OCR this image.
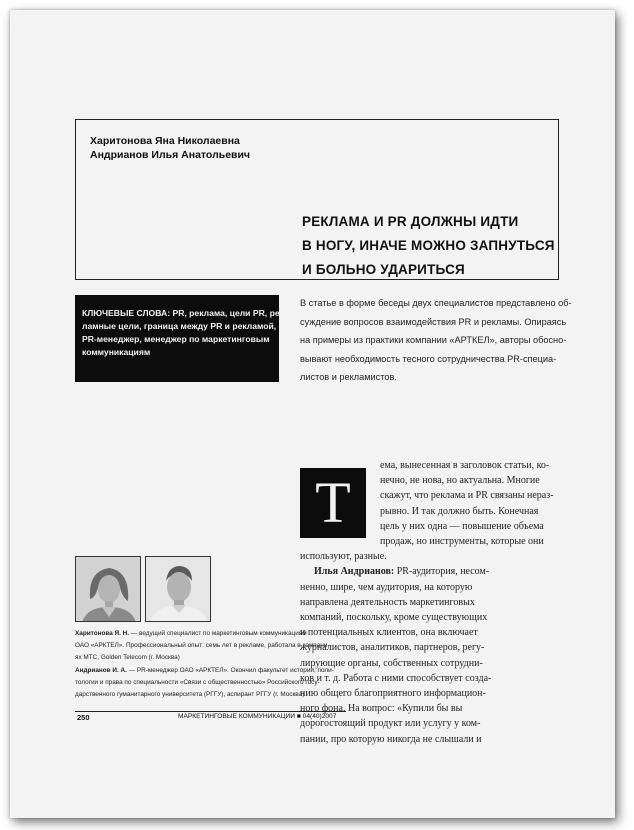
Харитонова Яна Николаевна
Андрианов Илья Анатольевич
РЕКЛАМА И PR ДОЛЖНЫ ИДТИ
В НОГУ, ИНАЧЕ МОЖНО ЗАПНУТЬСЯ
И БОЛЬНО УДАРИТЬСЯ
КЛЮЧЕВЫЕ СЛОВА: PR, реклама, цели PR, рек-
ламные цели, граница между PR и рекламой,
PR-менеджер, менеджер по маркетинговым
коммуникациям
В статье в форме беседы двух специалистов представлено об-
суждение вопросов взаимодействия PR и рекламы. Опираясь
на примеры из практики компании «АРТКЕЛ», авторы обосно-
вывают необходимость тесного сотрудничества PR-специа-
листов и рекламистов.
Т
ема, вынесенная в заголовок статьи, ко-
нечно, не нова, но актуальна. Многие
скажут, что реклама и PR связаны нераз-
рывно. И так должно быть. Конечная
цель у них одна — повышение объема
продаж, но инструменты, которые они
используют, разные.
Илья Андрианов: PR-аудитория, несом-
ненно, шире, чем аудитория, на которую
направлена деятельность маркетинговых
компаний, поскольку, кроме существующих
и потенциальных клиентов, она включает
журналистов, аналитиков, партнеров, регу-
лирующие органы, собственных сотрудни-
ков и т. д. Работа с ними способствует созда-
нию общего благоприятного информацион-
ного фона. На вопрос: «Купили бы вы
дорогостоящий продукт или услугу у ком-
пании, про которую никогда не слышали и
Харитонова Я. Н. — ведущий специалист по маркетинговым коммуникациям
ОАО «АРКТЕЛ». Профессиональный опыт: семь лет в рекламе, работала в компани-
ях МТС, Golden Telecom (г. Москва)
Андрианов И. А. — PR-менеджер ОАО «АРКТЕЛ». Окончил факультет истории, поли-
тологии и права по специальности «Связи с общественностью» Российского госу-
дарственного гуманитарного университета (РГГУ), аспирант РГГУ (г. Москва)
250	МАРКЕТИНГОВЫЕ КОММУНИКАЦИИ ■ 04(40)2007
